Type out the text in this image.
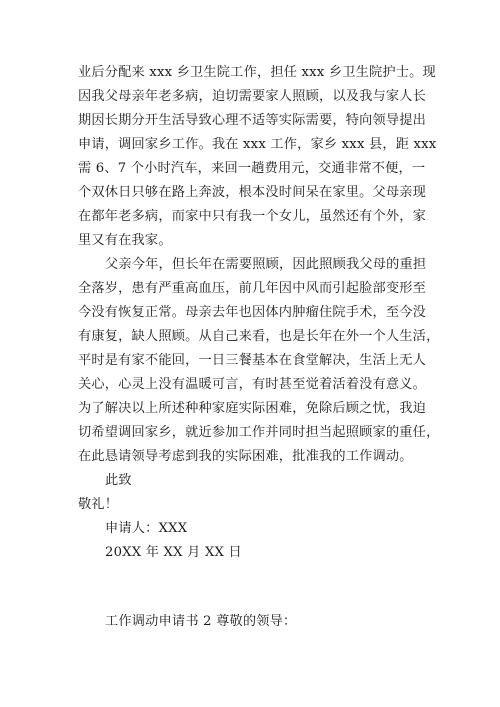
业后分配来 xxx 乡卫生院工作，担任 xxx 乡卫生院护士。现
因我父母亲年老多病，迫切需要家人照顾，以及我与家人长
期因长期分开生活导致心理不适等实际需要，特向领导提出
申请，调回家乡工作。我在 xxx 工作，家乡 xxx 县，距 xxx
需 6、7 个小时汽车，来回一趟费用元，交通非常不便，一
个双休日只够在路上奔波，根本没时间呆在家里。父母亲现
在都年老多病，而家中只有我一个女儿，虽然还有个外，家
里又有在我家。
父亲今年，但长年在需要照顾，因此照顾我父母的重担
全落岁，患有严重高血压，前几年因中风而引起脸部变形至
今没有恢复正常。母亲去年也因体内肿瘤住院手术，至今没
有康复，缺人照顾。从自己来看，也是长年在外一个人生活，
平时是有家不能回，一日三餐基本在食堂解决，生活上无人
关心，心灵上没有温暖可言，有时甚至觉着活着没有意义。
为了解决以上所述种种家庭实际困难，免除后顾之忧，我迫
切希望调回家乡，就近参加工作并同时担当起照顾家的重任，
在此恳请领导考虑到我的实际困难，批准我的工作调动。
此致
敬礼！
申请人：XXX
20XX 年 XX 月 XX 日
工作调动申请书 2 尊敬的领导：
